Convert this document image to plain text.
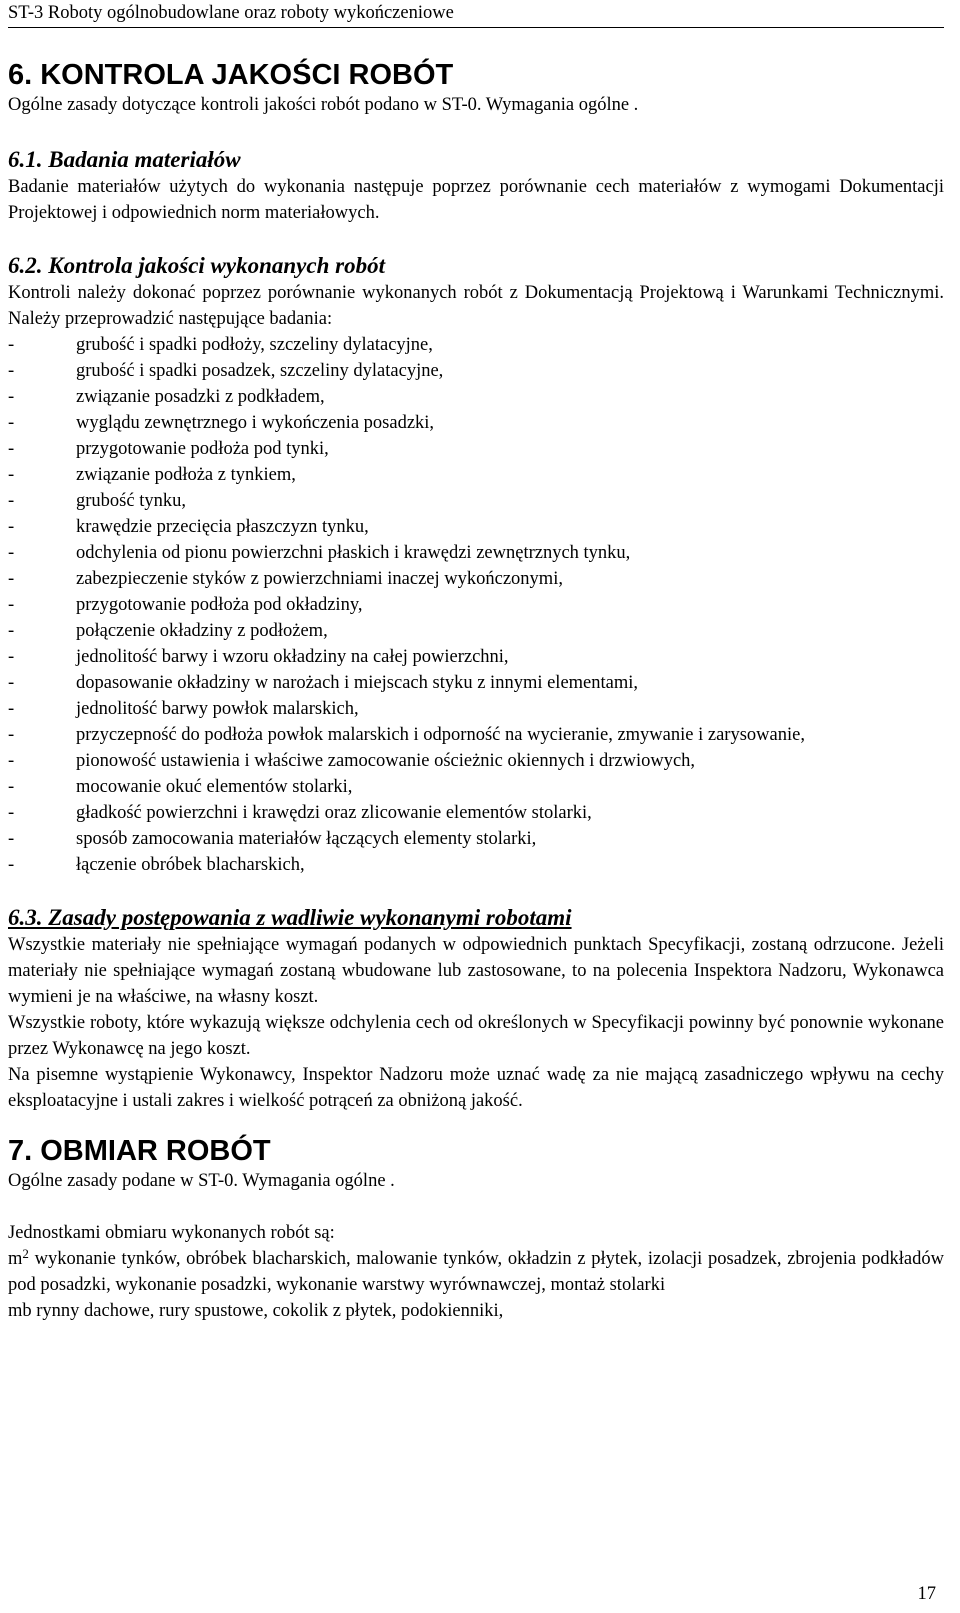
ST-3 Roboty ogólnobudowlane oraz roboty wykończeniowe
6. KONTROLA JAKOŚCI ROBÓT

Ogólne zasady dotyczące kontroli jakości robót podano w ST-0. Wymagania ogólne .

6.1. Badania materiałów

Badanie materiałów użytych do wykonania następuje poprzez porównanie cech materiałów z wymogami Dokumentacji Projektowej i odpowiednich norm materiałowych.

6.2. Kontrola jakości wykonanych robót

Kontroli należy dokonać poprzez porównanie wykonanych robót z Dokumentacją Projektową i Warunkami Technicznymi. Należy przeprowadzić następujące badania:

- grubość i spadki podłoży, szczeliny dylatacyjne,
- grubość i spadki posadzek, szczeliny dylatacyjne,
- związanie posadzki z podkładem,
- wyglądu zewnętrznego i wykończenia posadzki,
- przygotowanie podłoża pod tynki,
- związanie podłoża z tynkiem,
- grubość tynku,
- krawędzie przecięcia płaszczyzn tynku,
- odchylenia od pionu powierzchni płaskich i krawędzi zewnętrznych tynku,
- zabezpieczenie styków z powierzchniami inaczej wykończonymi,
- przygotowanie podłoża pod okładziny,
- połączenie okładziny z podłożem,
- jednolitość barwy i wzoru okładziny na całej powierzchni,
- dopasowanie okładziny w narożach i miejscach styku z innymi elementami,
- jednolitość barwy powłok malarskich,
- przyczepność do podłoża powłok malarskich i odporność na wycieranie, zmywanie i zarysowanie,
- pionowość ustawienia i właściwe zamocowanie ościeżnic okiennych i drzwiowych,
- mocowanie okuć elementów stolarki,
- gładkość powierzchni i krawędzi oraz zlicowanie elementów stolarki,
- sposób zamocowania materiałów łączących elementy stolarki,
- łączenie obróbek blacharskich,
6.3. Zasady postępowania z wadliwie wykonanymi robotami

Wszystkie materiały nie spełniające wymagań podanych w odpowiednich punktach Specyfikacji, zostaną odrzucone. Jeżeli materiały nie spełniające wymagań zostaną wbudowane lub zastosowane, to na polecenia Inspektora Nadzoru, Wykonawca wymieni je na właściwe, na własny koszt.

Wszystkie roboty, które wykazują większe odchylenia cech od określonych w Specyfikacji powinny być ponownie wykonane przez Wykonawcę na jego koszt.

Na pisemne wystąpienie Wykonawcy, Inspektor Nadzoru może uznać wadę za nie mającą zasadniczego wpływu na cechy eksploatacyjne i ustali zakres i wielkość potrąceń za obniżoną jakość.

7. OBMIAR ROBÓT

Ogólne zasady podane w ST-0. Wymagania ogólne .

Jednostkami obmiaru wykonanych robót są:

$m^2$ wykonanie tynków, obróbek blacharskich, malowanie tynków, okładzin z płytek, izolacji posadzek, zbrojenia podkładów pod posadzki, wykonanie posadzki, wykonanie warstwy wyrównawczej, montaż stolarki

mb rynny dachowe, rury spustowe, cokolik z płytek, podokienniki,

17
